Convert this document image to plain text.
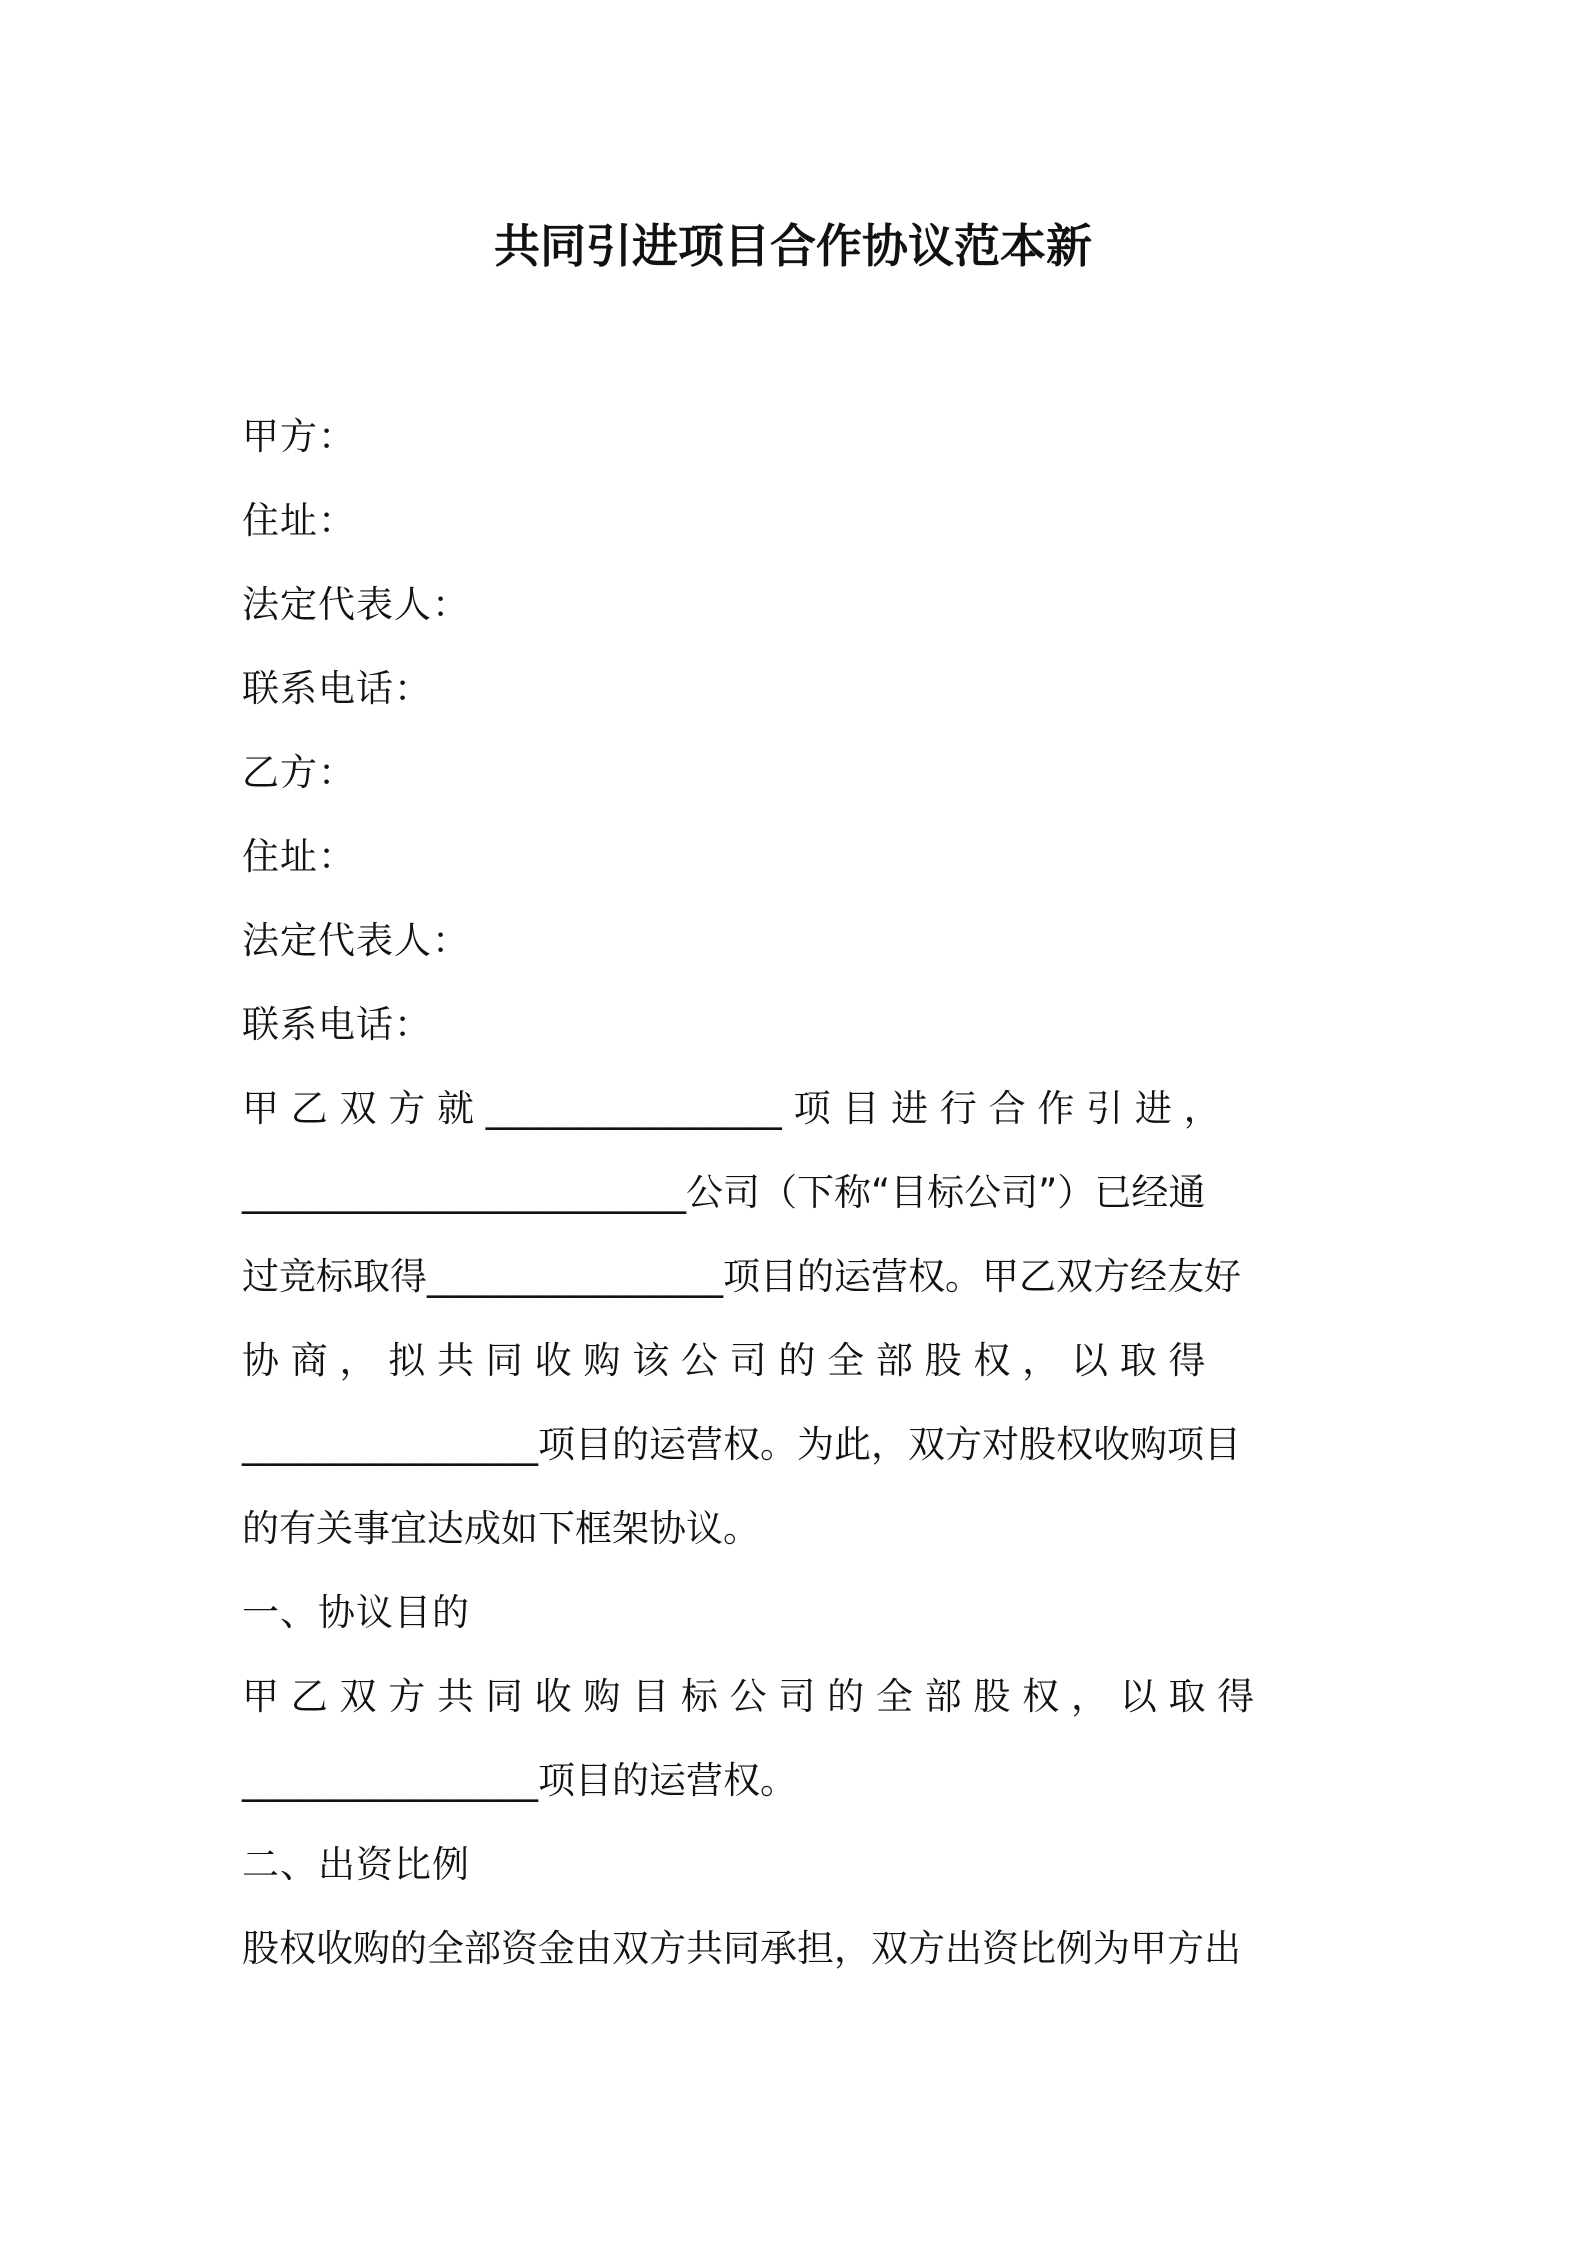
共同引进项目合作协议范本新
甲方：
住址：
法定代表人：
联系电话：
乙方：
住址：
法定代表人：
联系电话：
甲 乙 双 方 就 ________________ 项 目 进 行 合 作 引 进 ，
________________________公司（下称“目标公司”）已经通
过竞标取得________________项目的运营权。甲乙双方经友好
协 商 ， 拟 共 同 收 购 该 公 司 的 全 部 股 权 ， 以 取 得
________________项目的运营权。为此，双方对股权收购项目
的有关事宜达成如下框架协议。
一、协议目的
甲 乙 双 方 共 同 收 购 目 标 公 司 的 全 部 股 权 ， 以 取 得
________________项目的运营权。
二、出资比例
股权收购的全部资金由双方共同承担，双方出资比例为甲方出
